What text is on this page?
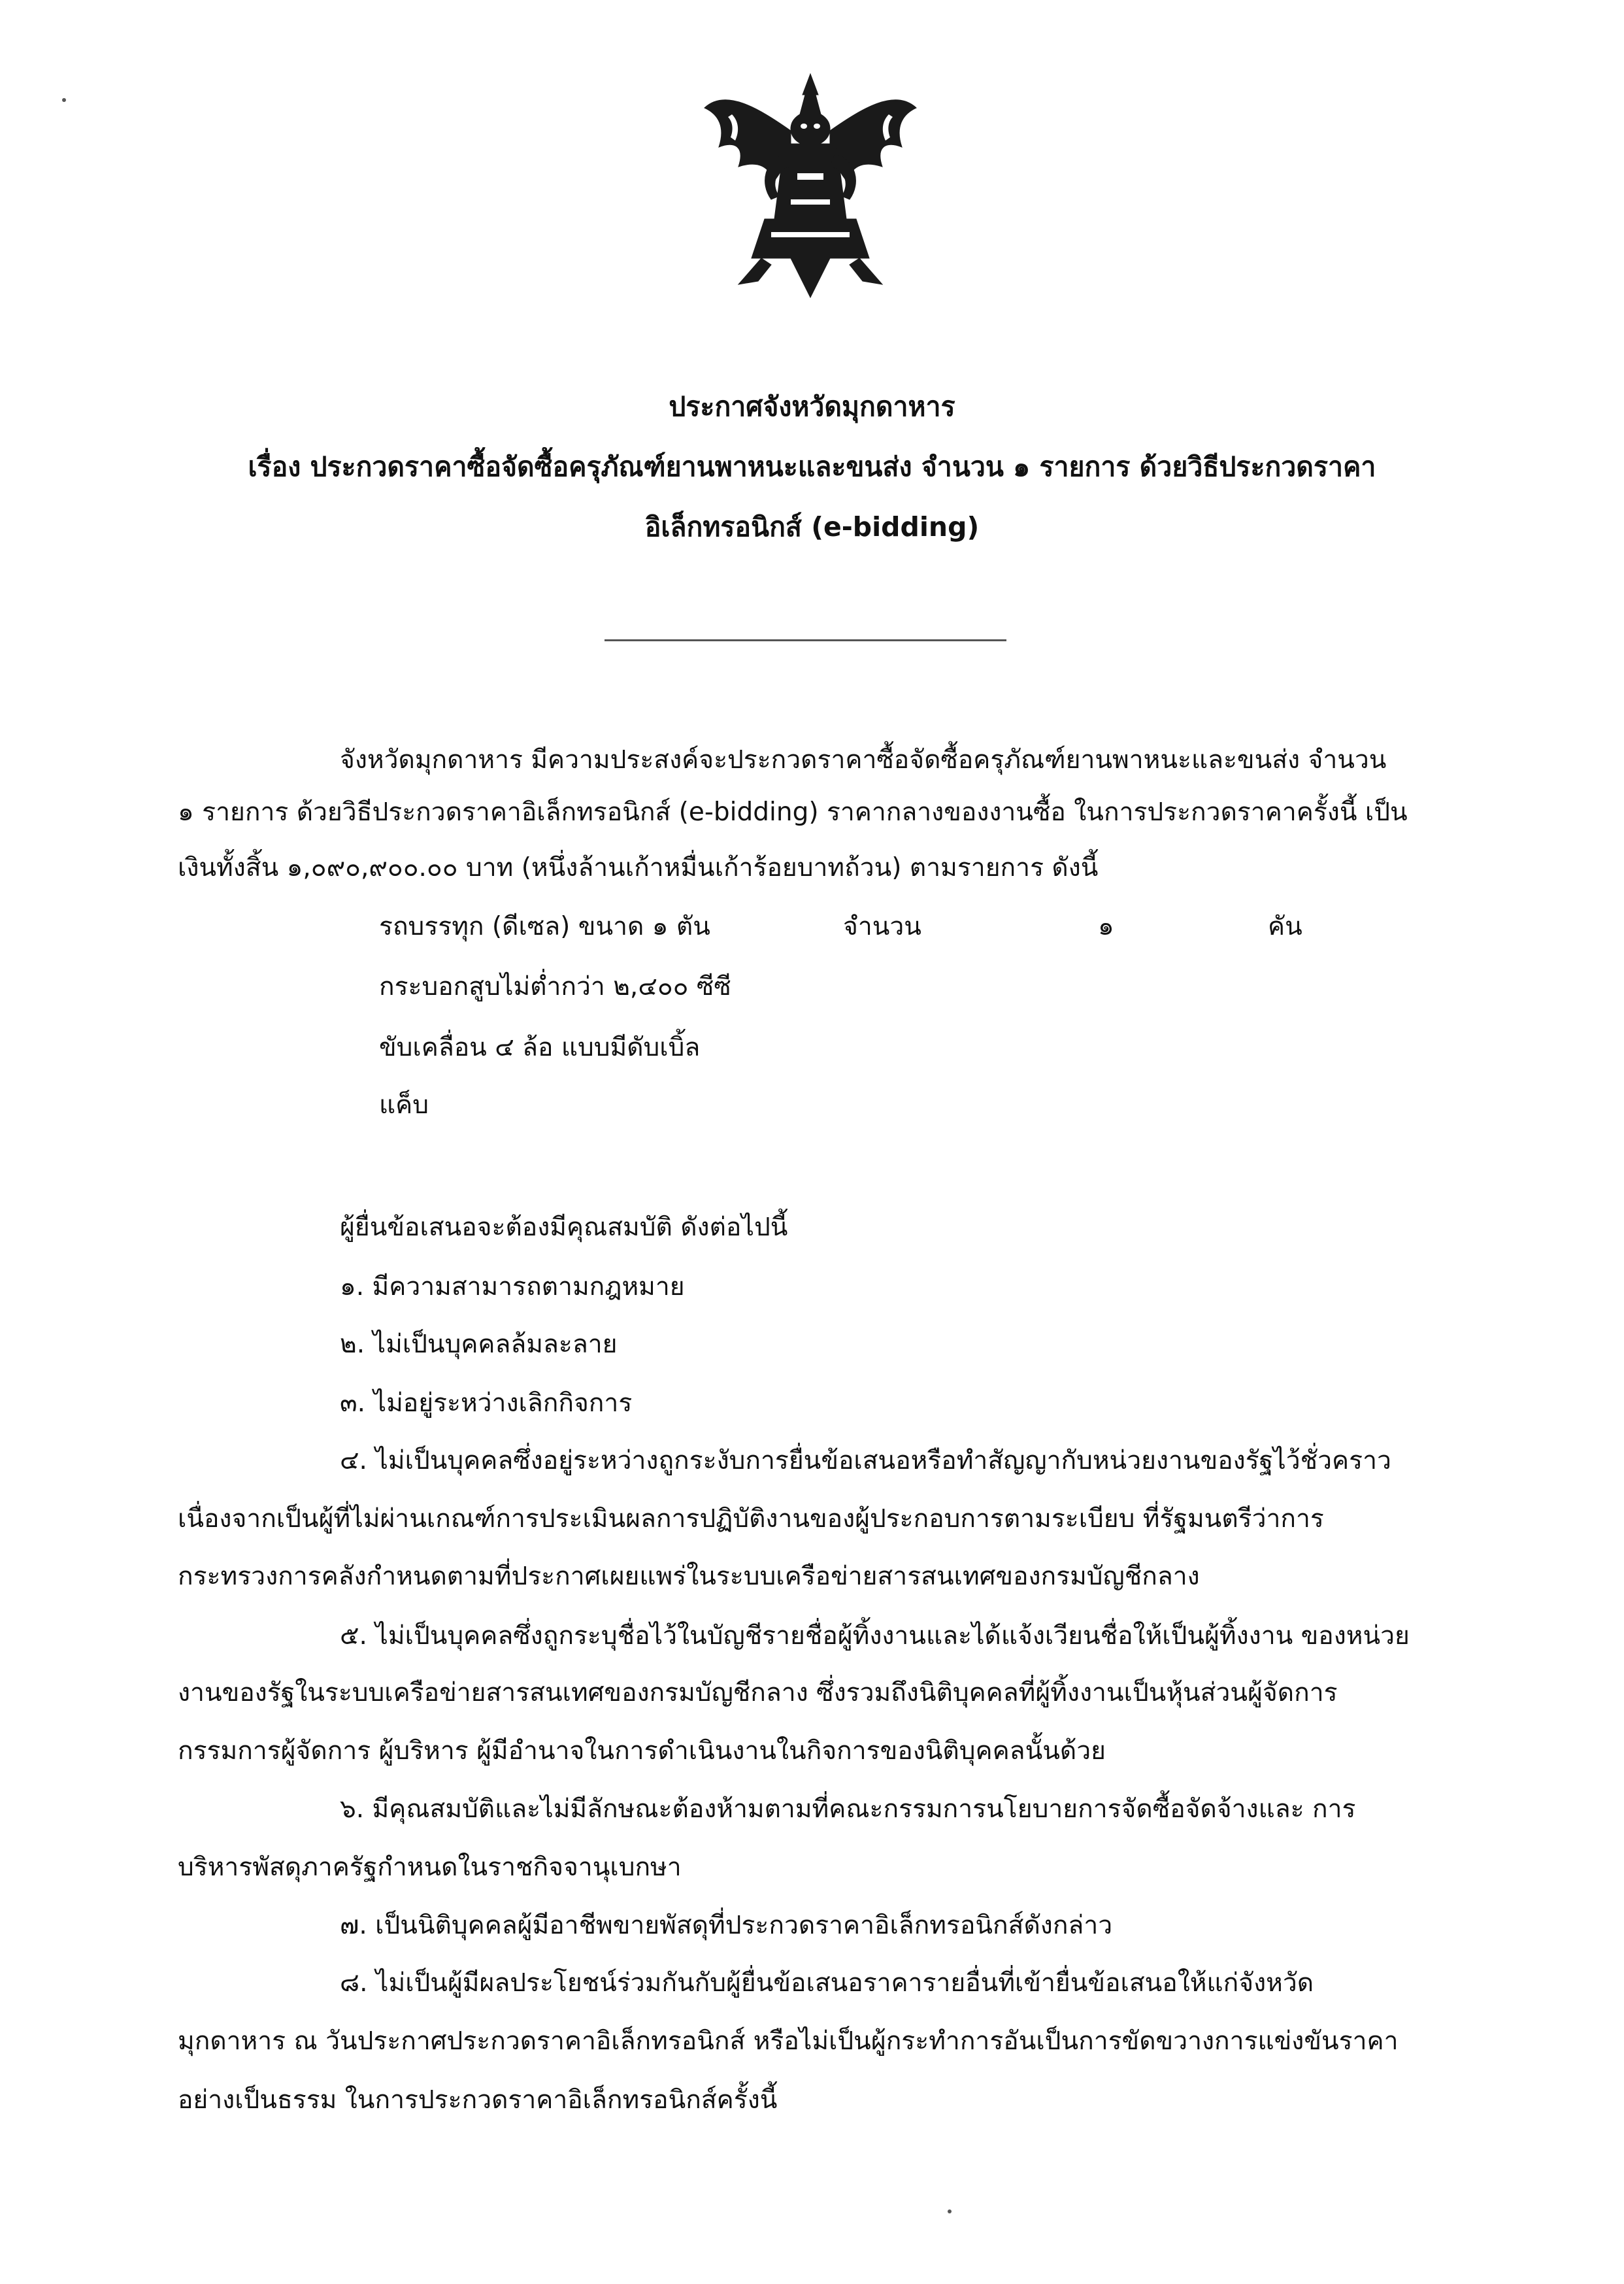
ประกาศจังหวัดมุกดาหาร
เรื่อง ประกวดราคาซื้อจัดซื้อครุภัณฑ์ยานพาหนะและขนส่ง จำนวน ๑ รายการ ด้วยวิธีประกวดราคา
อิเล็กทรอนิกส์ (e-bidding)
จังหวัดมุกดาหาร มีความประสงค์จะประกวดราคาซื้อจัดซื้อครุภัณฑ์ยานพาหนะและขนส่ง จำนวน
๑ รายการ ด้วยวิธีประกวดราคาอิเล็กทรอนิกส์ (e-bidding) ราคากลางของงานซื้อ ในการประกวดราคาครั้งนี้ เป็น
เงินทั้งสิ้น ๑,๐๙๐,๙๐๐.๐๐ บาท (หนึ่งล้านเก้าหมื่นเก้าร้อยบาทถ้วน) ตามรายการ ดังนี้
รถบรรทุก (ดีเซล) ขนาด ๑ ตัน	จำนวน	๑	คัน
กระบอกสูบไม่ต่ำกว่า ๒,๔๐๐ ซีซี
ขับเคลื่อน ๔ ล้อ แบบมีดับเบิ้ล
แค็บ
ผู้ยื่นข้อเสนอจะต้องมีคุณสมบัติ ดังต่อไปนี้
๑. มีความสามารถตามกฎหมาย
๒. ไม่เป็นบุคคลล้มละลาย
๓. ไม่อยู่ระหว่างเลิกกิจการ
๔. ไม่เป็นบุคคลซึ่งอยู่ระหว่างถูกระงับการยื่นข้อเสนอหรือทำสัญญากับหน่วยงานของรัฐไว้ชั่วคราว
เนื่องจากเป็นผู้ที่ไม่ผ่านเกณฑ์การประเมินผลการปฏิบัติงานของผู้ประกอบการตามระเบียบ ที่รัฐมนตรีว่าการ
กระทรวงการคลังกำหนดตามที่ประกาศเผยแพร่ในระบบเครือข่ายสารสนเทศของกรมบัญชีกลาง
๕. ไม่เป็นบุคคลซึ่งถูกระบุชื่อไว้ในบัญชีรายชื่อผู้ทิ้งงานและได้แจ้งเวียนชื่อให้เป็นผู้ทิ้งงาน ของหน่วย
งานของรัฐในระบบเครือข่ายสารสนเทศของกรมบัญชีกลาง ซึ่งรวมถึงนิติบุคคลที่ผู้ทิ้งงานเป็นหุ้นส่วนผู้จัดการ
กรรมการผู้จัดการ ผู้บริหาร ผู้มีอำนาจในการดำเนินงานในกิจการของนิติบุคคลนั้นด้วย
๖. มีคุณสมบัติและไม่มีลักษณะต้องห้ามตามที่คณะกรรมการนโยบายการจัดซื้อจัดจ้างและ การ
บริหารพัสดุภาครัฐกำหนดในราชกิจจานุเบกษา
๗. เป็นนิติบุคคลผู้มีอาชีพขายพัสดุที่ประกวดราคาอิเล็กทรอนิกส์ดังกล่าว
๘. ไม่เป็นผู้มีผลประโยชน์ร่วมกันกับผู้ยื่นข้อเสนอราคารายอื่นที่เข้ายื่นข้อเสนอให้แก่จังหวัด
มุกดาหาร ณ วันประกาศประกวดราคาอิเล็กทรอนิกส์ หรือไม่เป็นผู้กระทำการอันเป็นการขัดขวางการแข่งขันราคา
อย่างเป็นธรรม ในการประกวดราคาอิเล็กทรอนิกส์ครั้งนี้
